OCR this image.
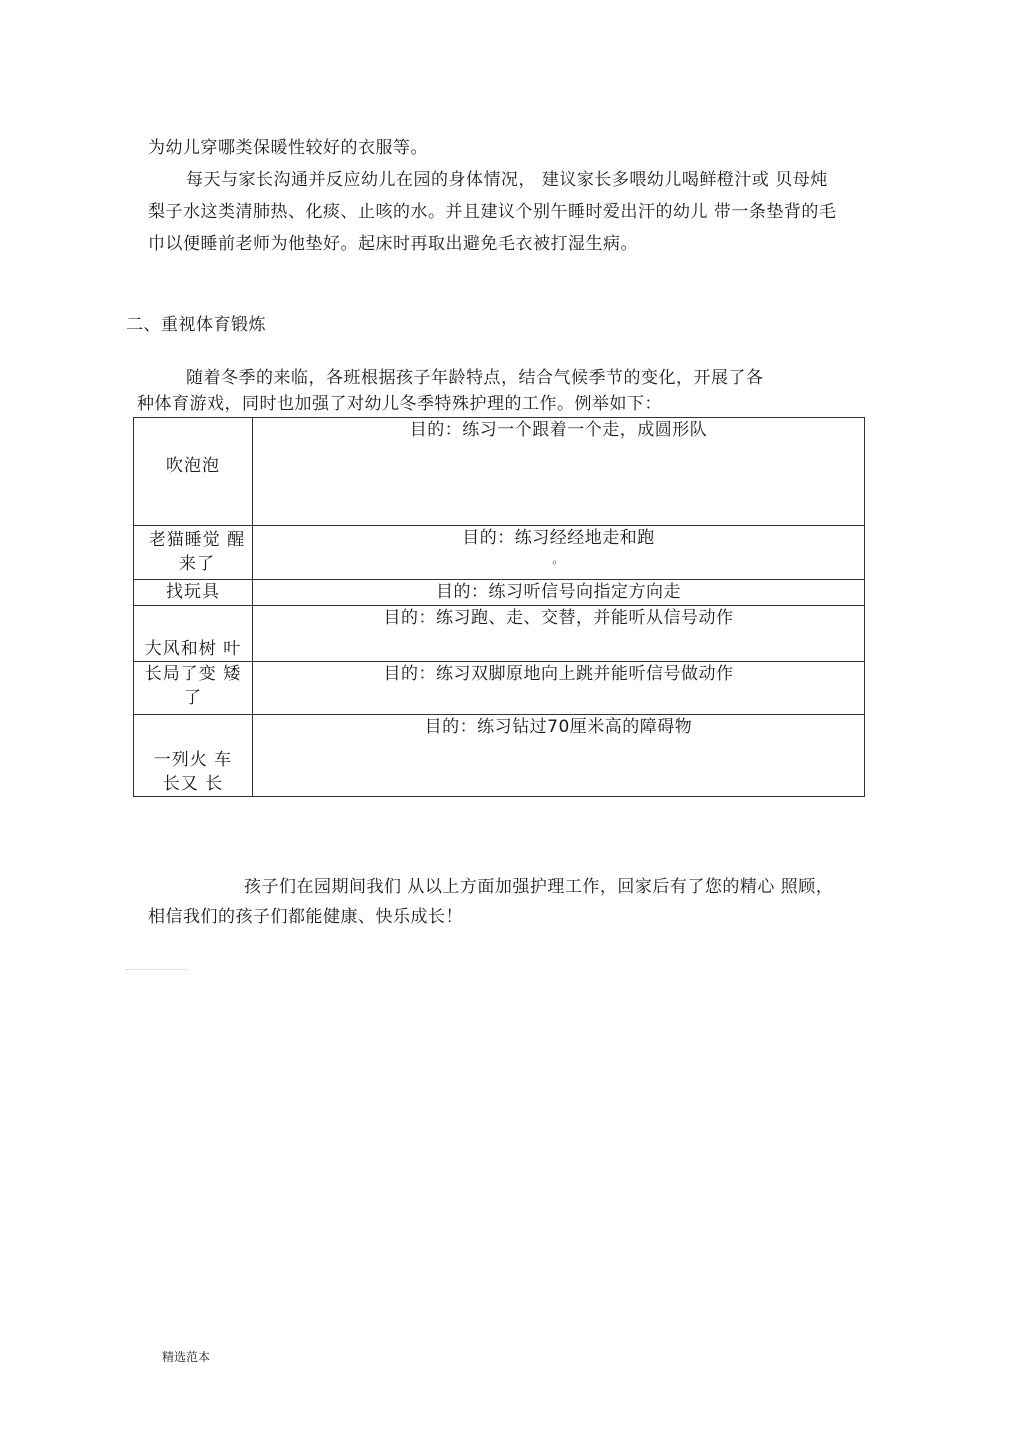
为幼儿穿哪类保暖性较好的衣服等。
每天与家长沟通并反应幼儿在园的身体情况， 建议家长多喂幼儿喝鲜橙汁或 贝母炖
梨子水这类清肺热、化痰、止咳的水。并且建议个别午睡时爱出汗的幼儿 带一条垫背的毛
巾以便睡前老师为他垫好。起床时再取出避免毛衣被打湿生病。
二、重视体育锻炼
随着冬季的来临，各班根据孩子年龄特点，结合气候季节的变化，开展了各
种体育游戏，同时也加强了对幼儿冬季特殊护理的工作。例举如下：
吹泡泡	目的：练习一个跟着一个走，成圆形队

老猫睡觉 醒来了	目的：练习经经地走和跑
。

找玩具	目的：练习听信号向指定方向走
大风和树 叶	目的：练习跑、走、交替，并能听从信号动作

长局了变 矮了	目的：练习双脚原地向上跳并能听信号做动作

一列火 车长又 长	目的：练习钻过70厘米高的障碍物
孩子们在园期间我们 从以上方面加强护理工作，回家后有了您的精心 照顾，
相信我们的孩子们都能健康、快乐成长！
精选范本
